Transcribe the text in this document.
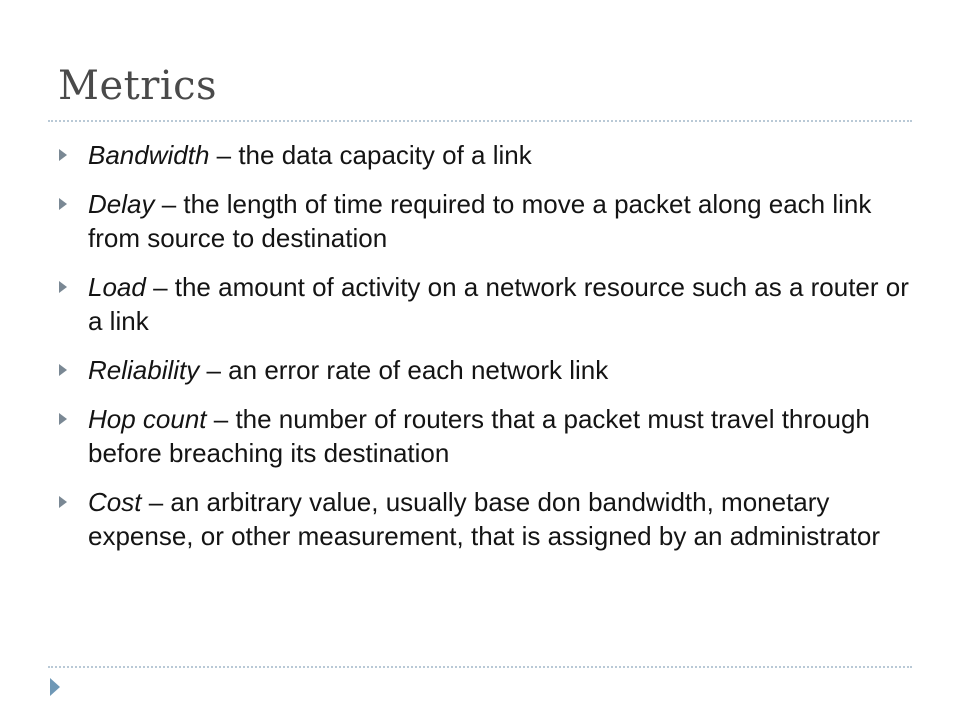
Metrics
Bandwidth – the data capacity of a link
Delay – the length of time required to move a packet along each link from source to destination
Load – the amount of activity on a network resource such as a router or a link
Reliability – an error rate of each network link
Hop count – the number of routers that a packet must travel through before breaching its destination
Cost – an arbitrary value, usually base don bandwidth, monetary expense, or other measurement, that is assigned by an administrator
